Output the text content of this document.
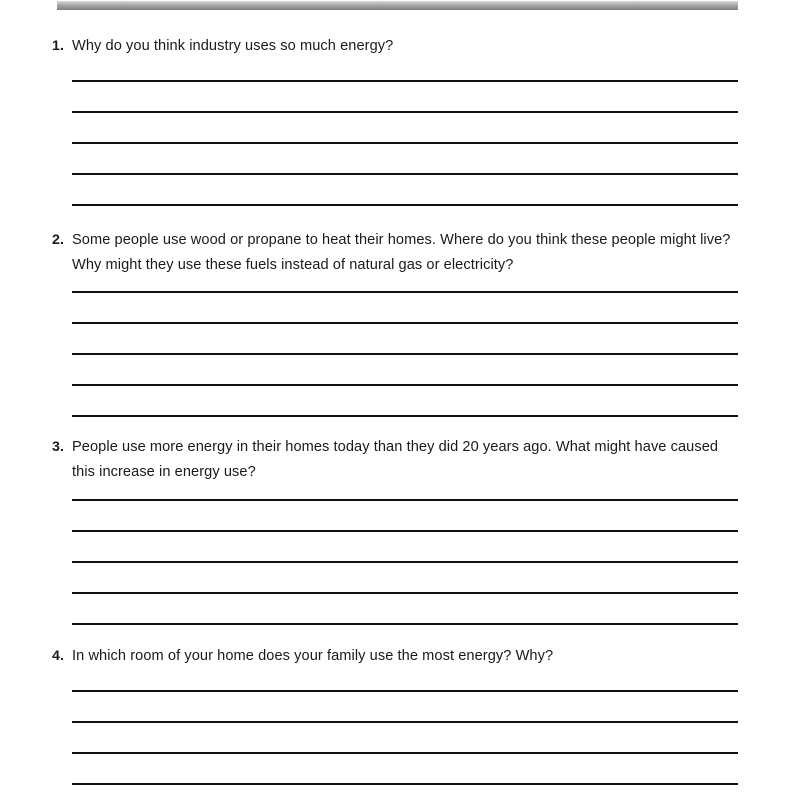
1. Why do you think industry uses so much energy?
2. Some people use wood or propane to heat their homes. Where do you think these people might live? Why might they use these fuels instead of natural gas or electricity?
3. People use more energy in their homes today than they did 20 years ago. What might have caused this increase in energy use?
4. In which room of your home does your family use the most energy? Why?
